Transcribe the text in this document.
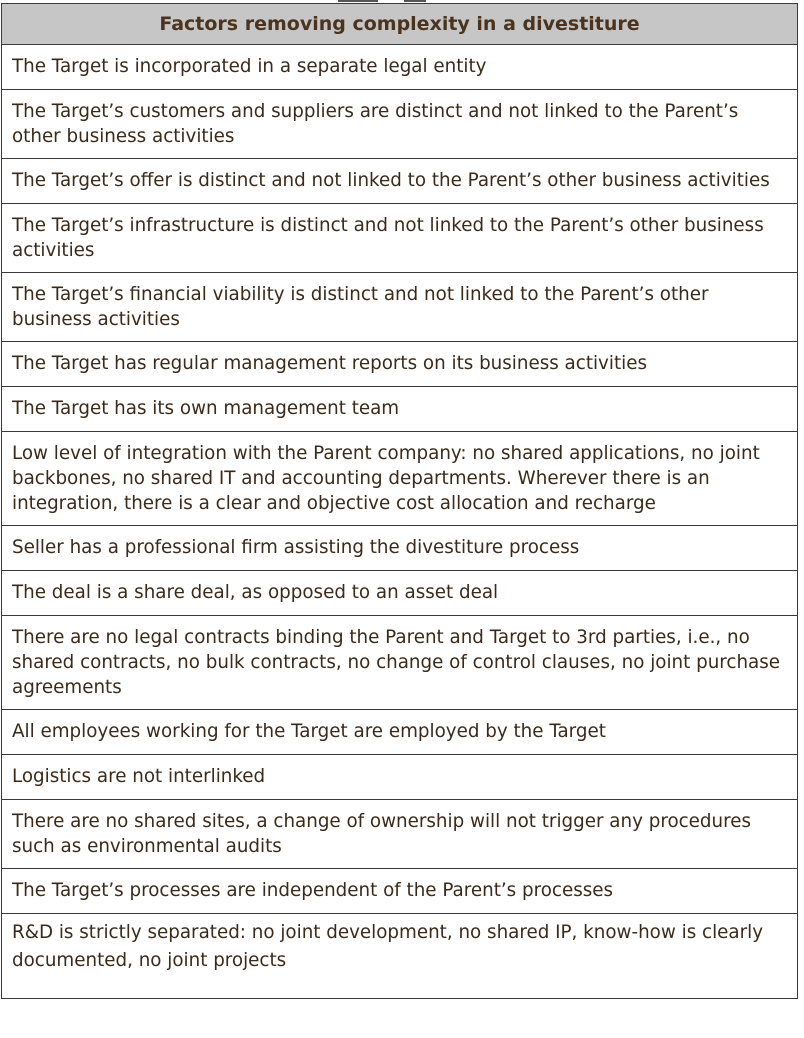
Factors removing complexity in a divestiture
The Target is incorporated in a separate legal entity
The Target’s customers and suppliers are distinct and not linked to the Parent’s other business activities
The Target’s offer is distinct and not linked to the Parent’s other business activities
The Target’s infrastructure is distinct and not linked to the Parent’s other business activities
The Target’s financial viability is distinct and not linked to the Parent’s other business activities
The Target has regular management reports on its business activities
The Target has its own management team
Low level of integration with the Parent company: no shared applications, no joint backbones, no shared IT and accounting departments. Wherever there is an integration, there is a clear and objective cost allocation and recharge
Seller has a professional firm assisting the divestiture process
The deal is a share deal, as opposed to an asset deal
There are no legal contracts binding the Parent and Target to 3rd parties, i.e., no shared contracts, no bulk contracts, no change of control clauses, no joint purchase agreements
All employees working for the Target are employed by the Target
Logistics are not interlinked
There are no shared sites, a change of ownership will not trigger any procedures such as environmental audits
The Target’s processes are independent of the Parent’s processes
R&D is strictly separated: no joint development, no shared IP, know-how is clearly documented, no joint projects
